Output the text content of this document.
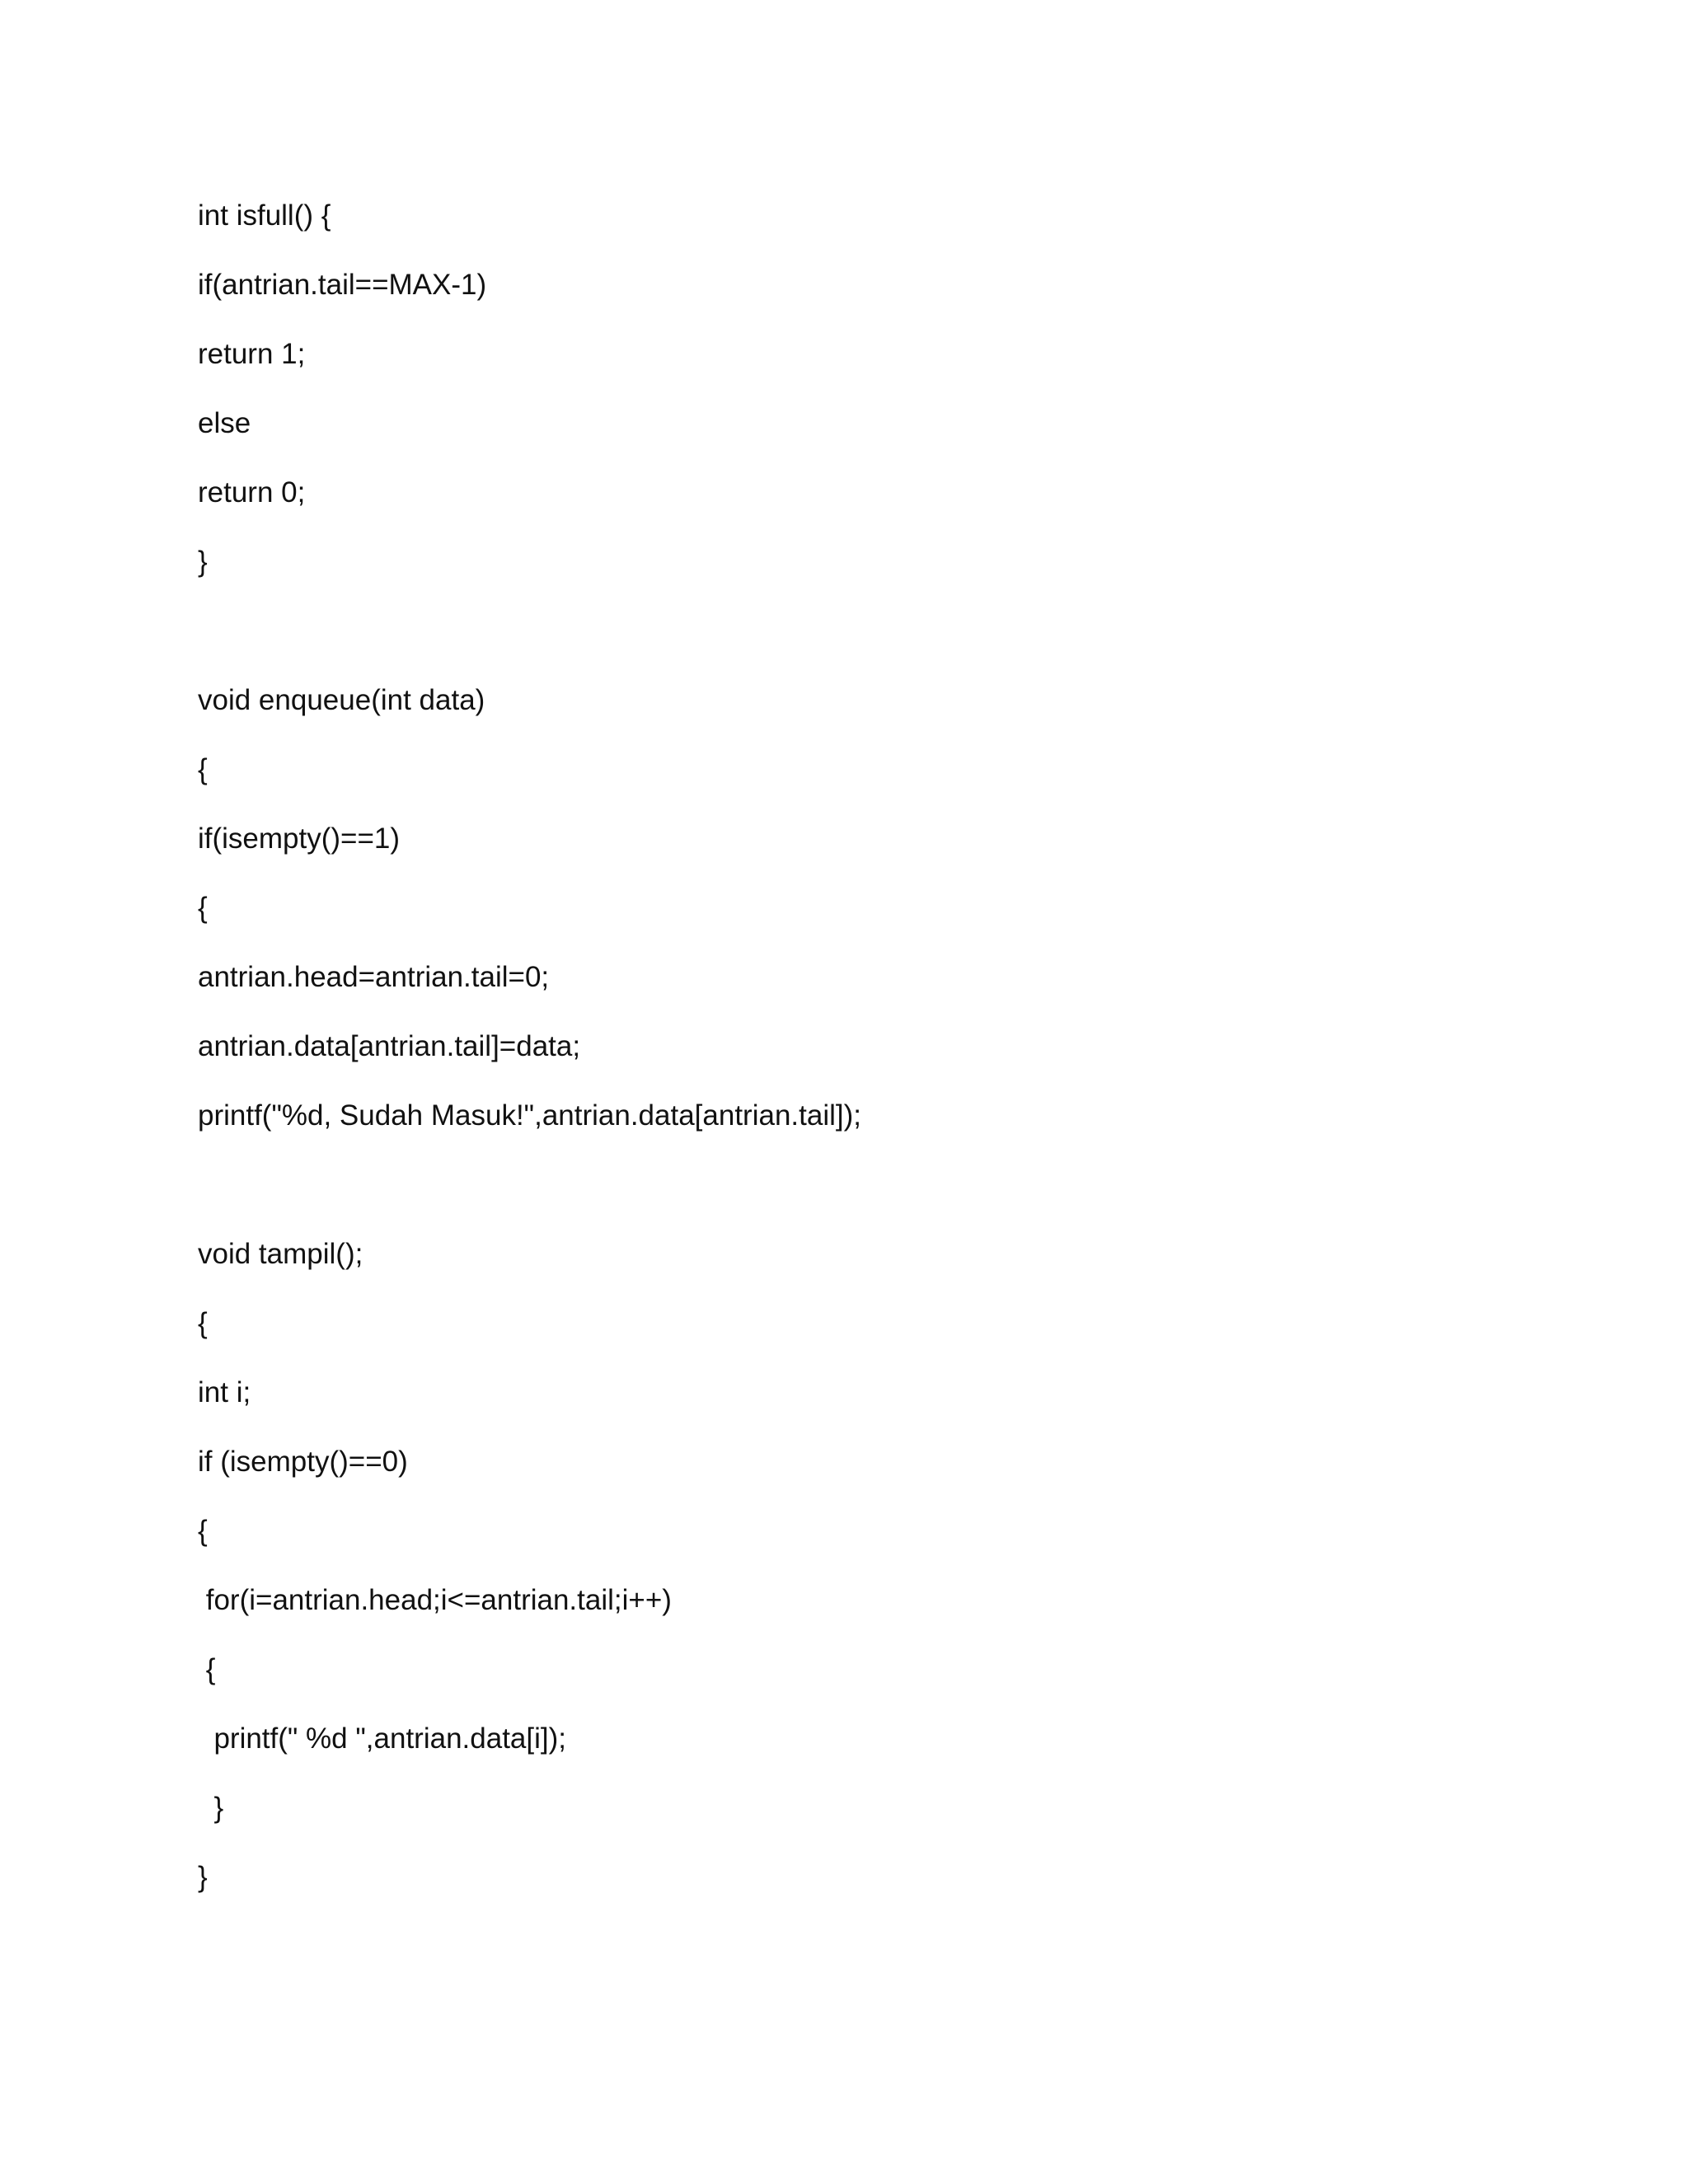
int isfull() {

if(antrian.tail==MAX-1)

return 1;

else

return 0;

}

void enqueue(int data)

{

if(isempty()==1)

{

antrian.head=antrian.tail=0;

antrian.data[antrian.tail]=data;

printf("%d, Sudah Masuk!",antrian.data[antrian.tail]);

void tampil();

{

int i;

if (isempty()==0)

{

for(i=antrian.head;i<=antrian.tail;i++)

{

printf(" %d ",antrian.data[i]);

}

}
